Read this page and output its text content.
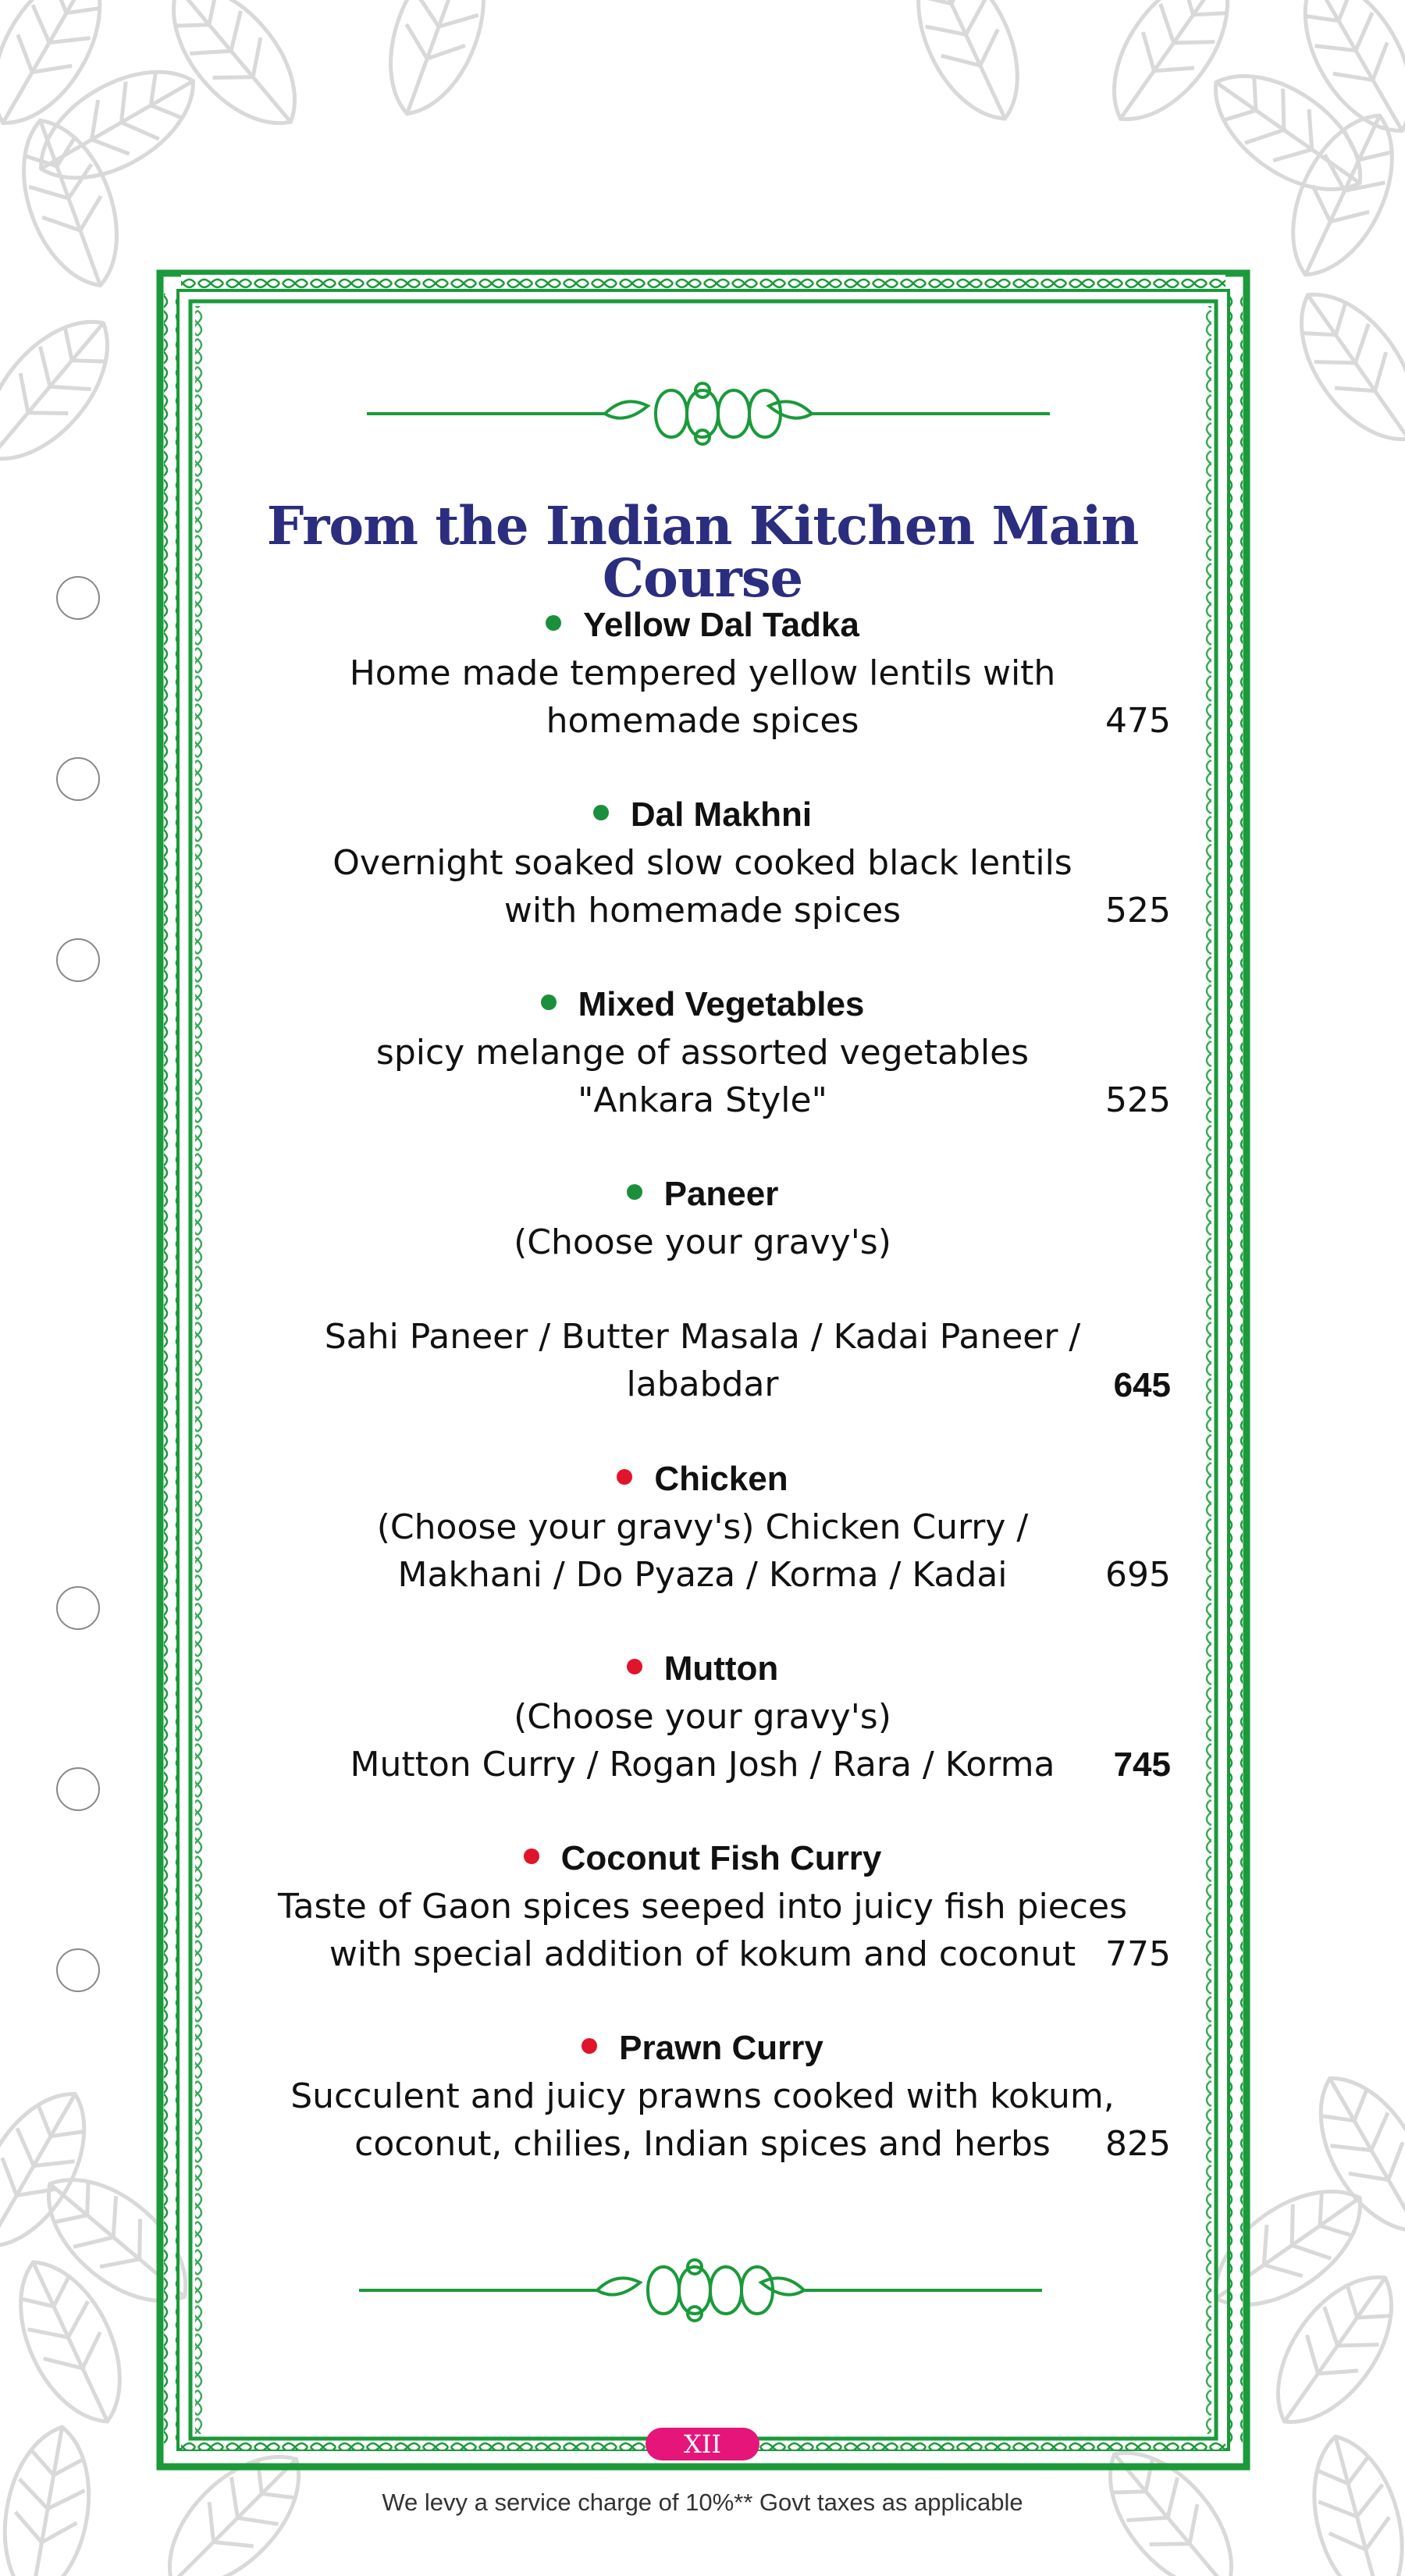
From the Indian Kitchen Main Course
Yellow Dal Tadka
Home made tempered yellow lentils with
homemade spices	475
Dal Makhni
Overnight soaked slow cooked black lentils
with homemade spices	525
Mixed Vegetables
spicy melange of assorted vegetables
"Ankara Style"	525
Paneer
(Choose your gravy's)
Sahi Paneer / Butter Masala / Kadai Paneer /
lababdar	645
Chicken
(Choose your gravy's) Chicken Curry /
Makhani / Do Pyaza / Korma / Kadai	695
Mutton
(Choose your gravy's)
Mutton Curry / Rogan Josh / Rara / Korma	745
Coconut Fish Curry
Taste of Gaon spices seeped into juicy fish pieces
with special addition of kokum and coconut 775
Prawn Curry
Succulent and juicy prawns cooked with kokum,
coconut, chilies, Indian spices and herbs	825
XII
We levy a service charge of 10%** Govt taxes as applicable
